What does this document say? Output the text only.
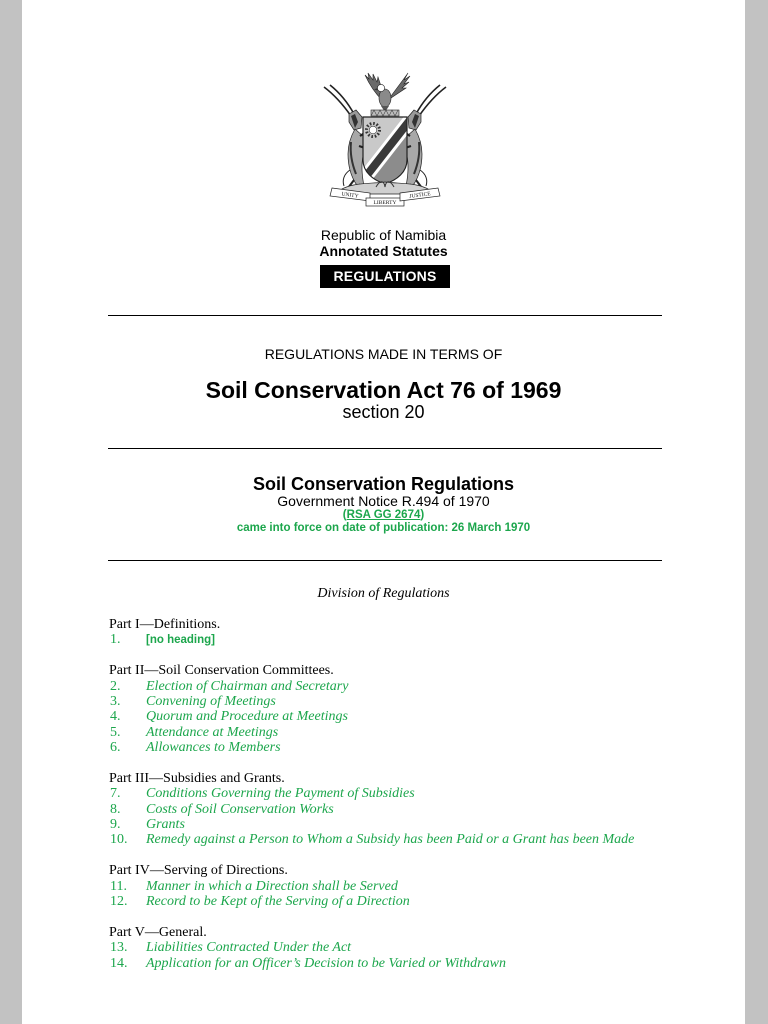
UNITY
LIBERTY
JUSTICE
Republic of Namibia
Annotated Statutes
REGULATIONS
REGULATIONS MADE IN TERMS OF
Soil Conservation Act 76 of 1969
section 20
Soil Conservation Regulations
Government Notice R.494 of 1970
(RSA GG 2674)
came into force on date of publication: 26 March 1970
Division of Regulations
Part I—Definitions.
1. [no heading]
Part II—Soil Conservation Committees.
2. Election of Chairman and Secretary
3. Convening of Meetings
4. Quorum and Procedure at Meetings
5. Attendance at Meetings
6. Allowances to Members
Part III—Subsidies and Grants.
7. Conditions Governing the Payment of Subsidies
8. Costs of Soil Conservation Works
9. Grants
10. Remedy against a Person to Whom a Subsidy has been Paid or a Grant has been Made
Part IV—Serving of Directions.
11. Manner in which a Direction shall be Served
12. Record to be Kept of the Serving of a Direction
Part V—General.
13. Liabilities Contracted Under the Act
14. Application for an Officer’s Decision to be Varied or Withdrawn
